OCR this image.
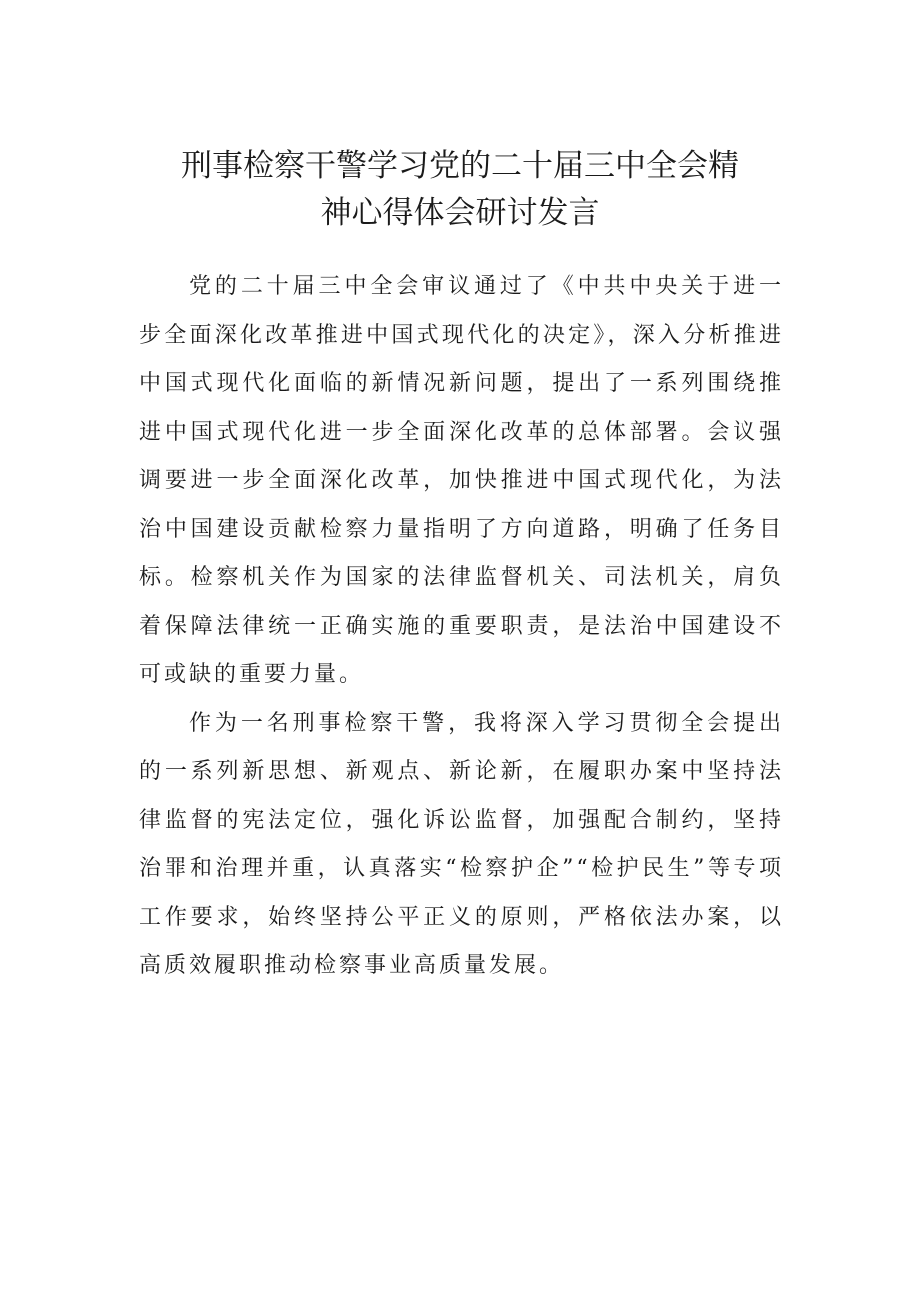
刑事检察干警学习党的二十届三中全会精
神心得体会研讨发言

党的二十届三中全会审议通过了《中共中央关于进一步全面深化改革推进中国式现代化的决定》，深入分析推进中国式现代化面临的新情况新问题，提出了一系列围绕推进中国式现代化进一步全面深化改革的总体部署。会议强调要进一步全面深化改革，加快推进中国式现代化，为法治中国建设贡献检察力量指明了方向道路，明确了任务目标。检察机关作为国家的法律监督机关、司法机关，肩负着保障法律统一正确实施的重要职责，是法治中国建设不可或缺的重要力量。

作为一名刑事检察干警，我将深入学习贯彻全会提出的一系列新思想、新观点、新论新，在履职办案中坚持法律监督的宪法定位，强化诉讼监督，加强配合制约，坚持治罪和治理并重，认真落实“检察护企”“检护民生”等专项工作要求，始终坚持公平正义的原则，严格依法办案，以高质效履职推动检察事业高质量发展。
